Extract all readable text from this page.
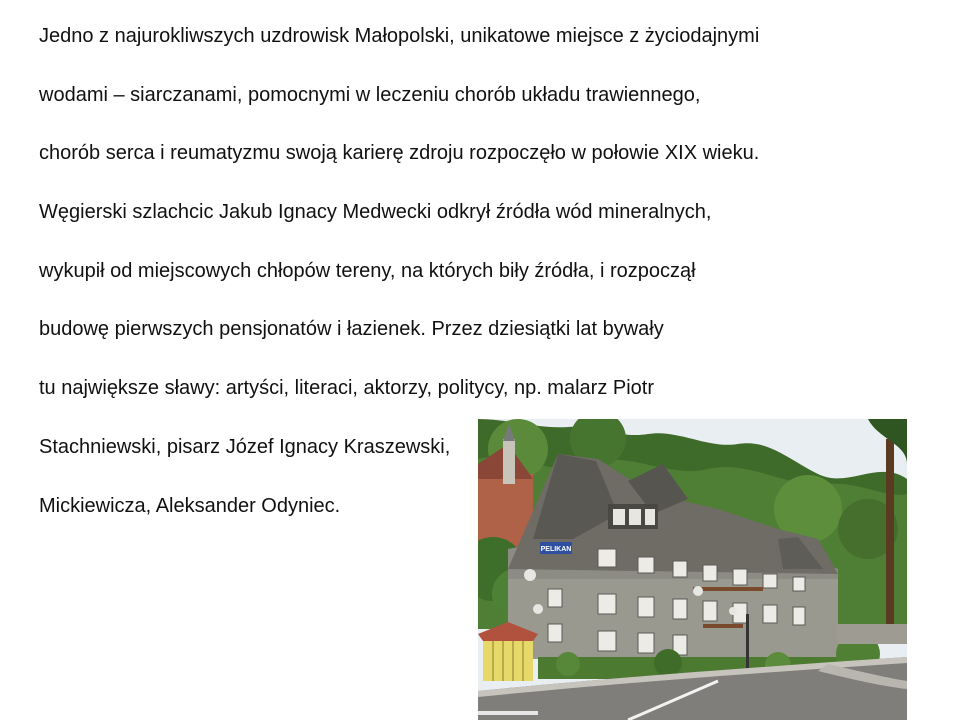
Jedno z najurokliwszych uzdrowisk Małopolski, unikatowe miejsce z życiodajnymi

wodami – siarczanami, pomocnymi w leczeniu chorób układu trawiennego,

chorób serca i reumatyzmu swoją karierę zdroju rozpoczęło w połowie XIX wieku.

Węgierski szlachcic Jakub Ignacy Medwecki odkrył źródła wód mineralnych,

wykupił od miejscowych chłopów tereny, na których biły źródła, i rozpoczął

budowę pierwszych pensjonatów i łazienek. Przez dziesiątki lat bywały

tu największe sławy: artyści, literaci, aktorzy, politycy, np. malarz Piotr

Stachniewski, pisarz Józef Ignacy Kraszewski,

Mickiewicza, Aleksander Odyniec.

PELIKAN
